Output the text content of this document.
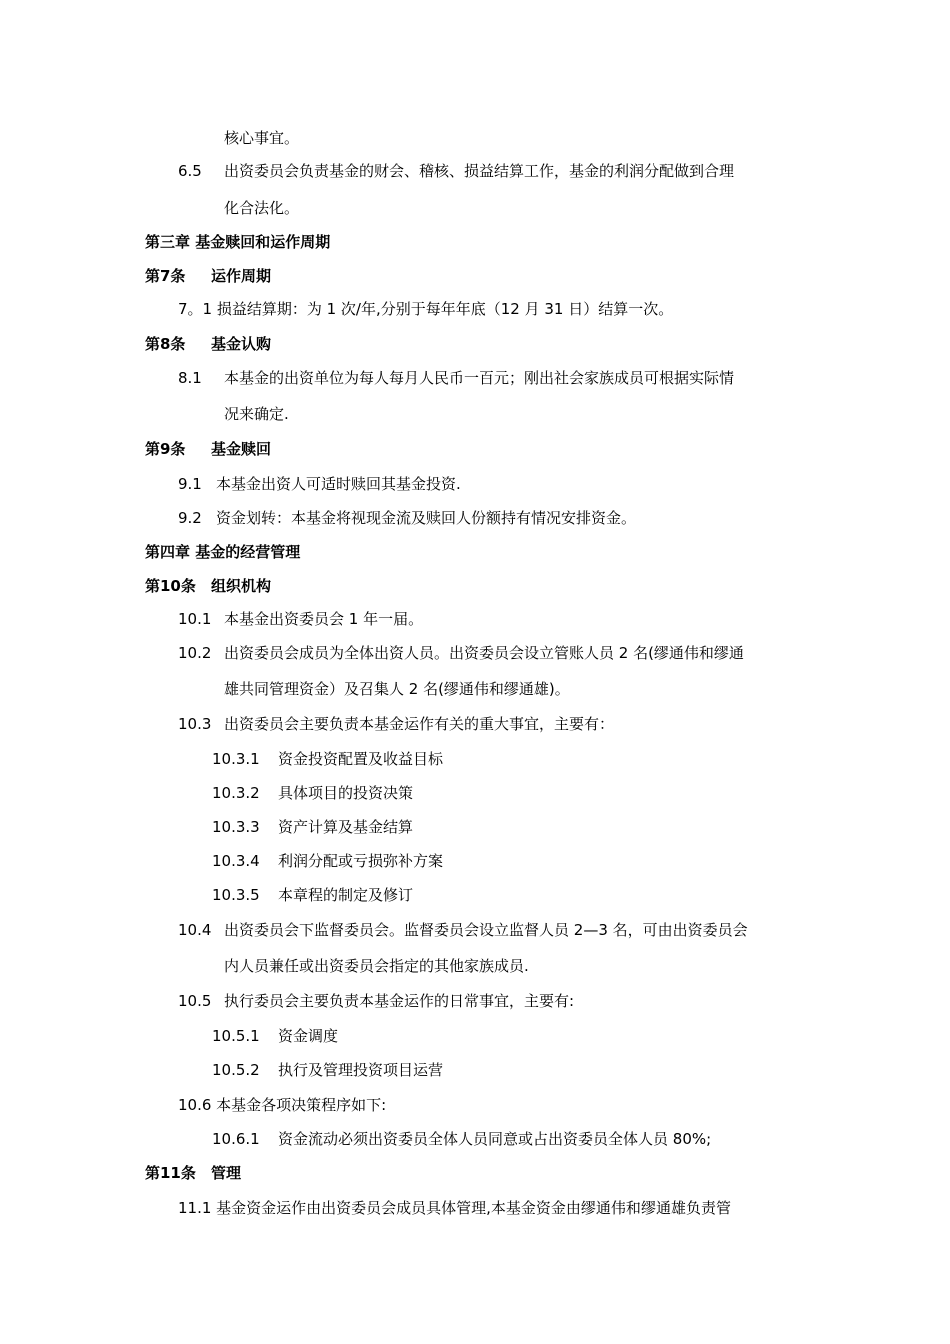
核心事宜。
6.5 出资委员会负责基金的财会、稽核、损益结算工作，基金的利润分配做到合理
化合法化。
第三章 基金赎回和运作周期
第7条 运作周期
7。1 损益结算期：为 1 次/年,分别于每年年底（12 月 31 日）结算一次。
第8条 基金认购
8.1 本基金的出资单位为每人每月人民币一百元；刚出社会家族成员可根据实际情
况来确定.
第9条 基金赎回
9.1 本基金出资人可适时赎回其基金投资.
9.2 资金划转：本基金将视现金流及赎回人份额持有情况安排资金。
第四章 基金的经营管理
第10条 组织机构
10.1 本基金出资委员会 1 年一届。
10.2 出资委员会成员为全体出资人员。出资委员会设立管账人员 2 名(缪通伟和缪通
雄共同管理资金）及召集人 2 名(缪通伟和缪通雄)。
10.3 出资委员会主要负责本基金运作有关的重大事宜，主要有：
10.3.1 资金投资配置及收益目标
10.3.2 具体项目的投资决策
10.3.3 资产计算及基金结算
10.3.4 利润分配或亏损弥补方案
10.3.5 本章程的制定及修订
10.4 出资委员会下监督委员会。监督委员会设立监督人员 2—3 名，可由出资委员会
内人员兼任或出资委员会指定的其他家族成员.
10.5 执行委员会主要负责本基金运作的日常事宜，主要有:
10.5.1 资金调度
10.5.2 执行及管理投资项目运营
10.6 本基金各项决策程序如下:
10.6.1 资金流动必须出资委员全体人员同意或占出资委员全体人员 80%;
第11条 管理
11.1 基金资金运作由出资委员会成员具体管理,本基金资金由缪通伟和缪通雄负责管
